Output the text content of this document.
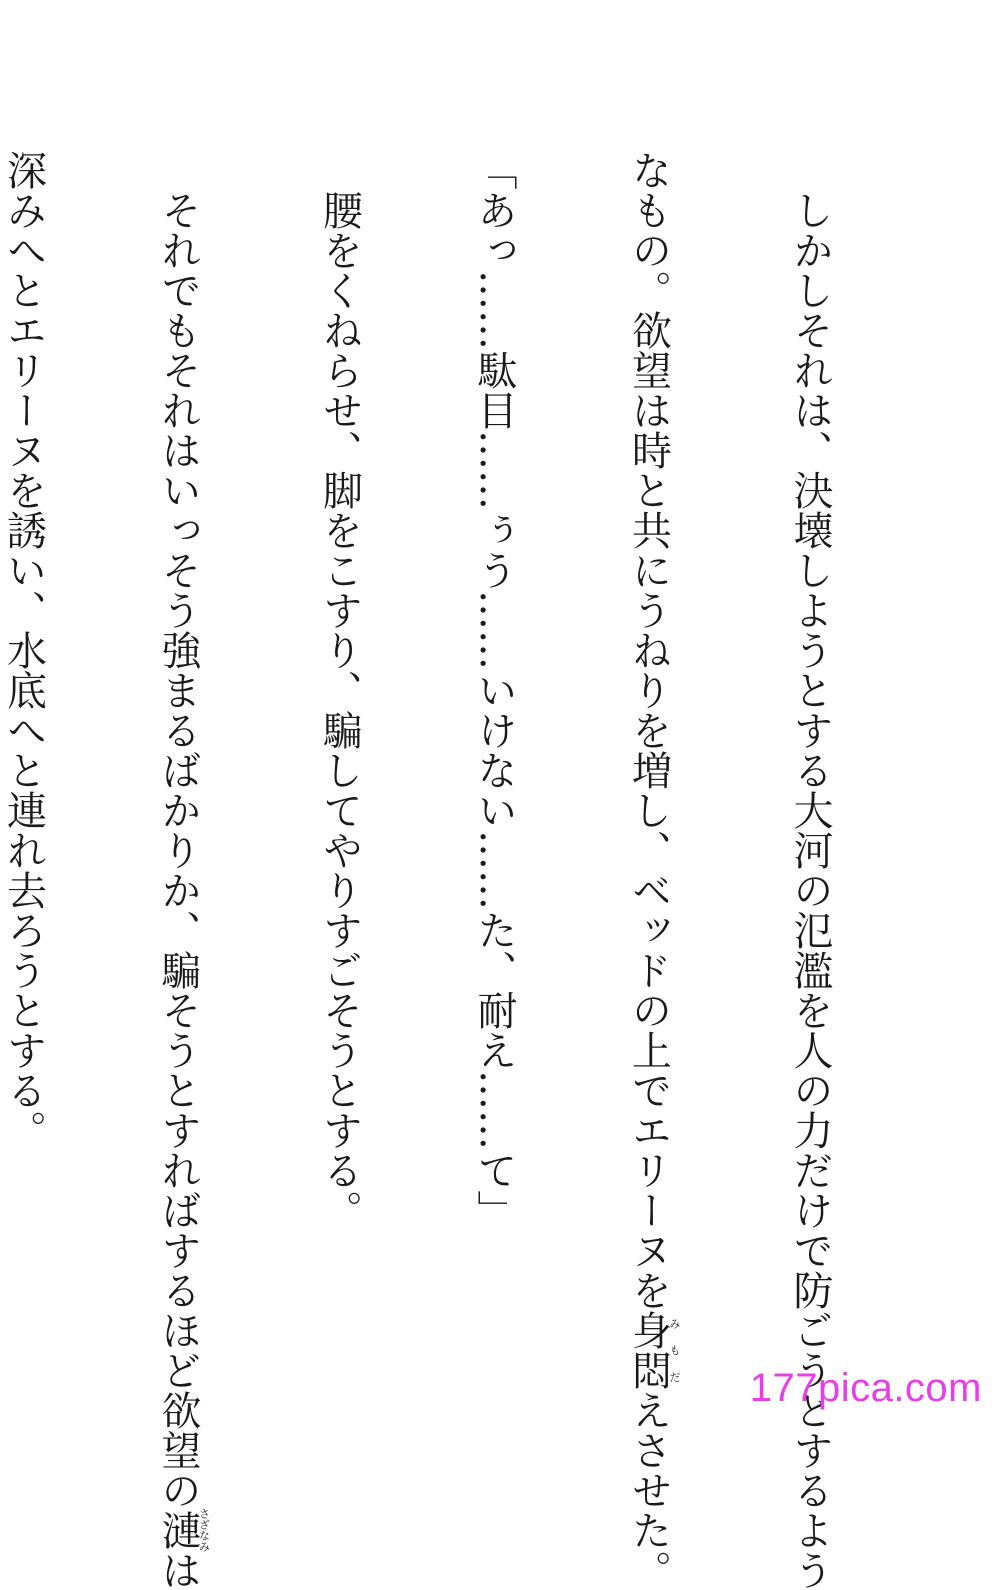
しかしそれは、決壊しようとする大河の氾濫を人の力だけで防ごうとするよう

なもの。欲望は時と共にうねりを増し、ベッドの上でエリーヌを身悶みもだえさせた。

「あっ……駄目……ぅう……いけない……た、耐え……て」

腰をくねらせ、脚をこすり、騙してやりすごそうとする。

それでもそれはいっそう強まるばかりか、騙そうとすればするほど欲望の漣さざなみは

深みへとエリーヌを誘い、水底へと連れ去ろうとする。

177pica.com
